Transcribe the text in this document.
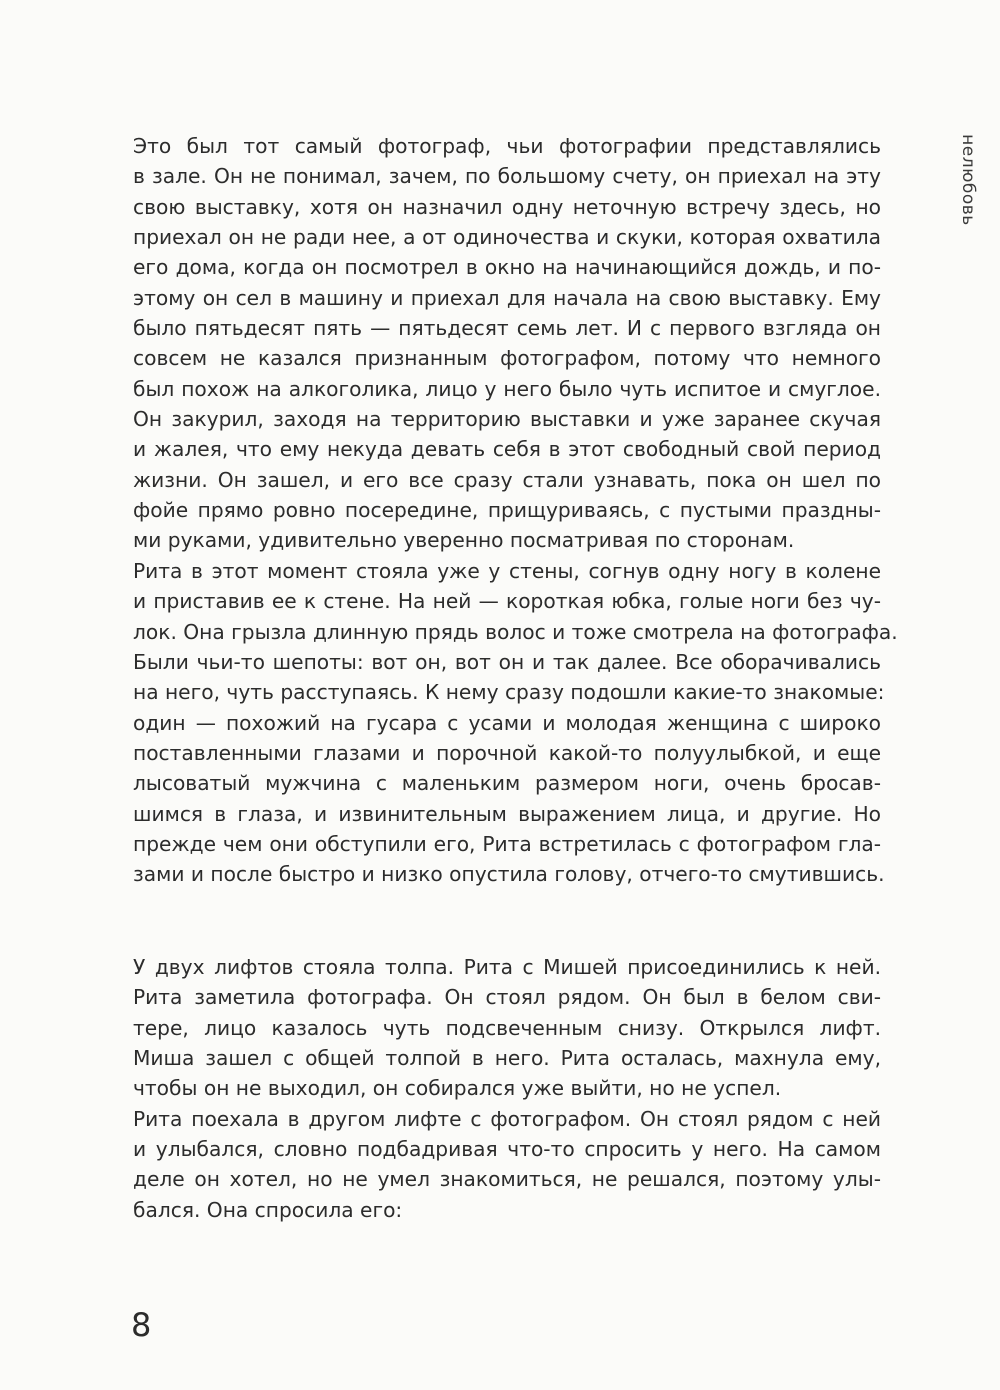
нелюбовь
Это был тот самый фотограф, чьи фотографии представлялись
в зале. Он не понимал, зачем, по большому счету, он приехал на эту
свою выставку, хотя он назначил одну неточную встречу здесь, но
приехал он не ради нее, а от одиночества и скуки, которая охватила
его дома, когда он посмотрел в окно на начинающийся дождь, и по-
этому он сел в машину и приехал для начала на свою выставку. Ему
было пятьдесят пять — пятьдесят семь лет. И с первого взгляда он
совсем не казался признанным фотографом, потому что немного
был похож на алкоголика, лицо у него было чуть испитое и смуглое.
Он закурил, заходя на территорию выставки и уже заранее скучая
и жалея, что ему некуда девать себя в этот свободный свой период
жизни. Он зашел, и его все сразу стали узнавать, пока он шел по
фойе прямо ровно посередине, прищуриваясь, с пустыми праздны-
ми руками, удивительно уверенно посматривая по сторонам.
Рита в этот момент стояла уже у стены, согнув одну ногу в колене
и приставив ее к стене. На ней — короткая юбка, голые ноги без чу-
лок. Она грызла длинную прядь волос и тоже смотрела на фотографа.
Были чьи-то шепоты: вот он, вот он и так далее. Все оборачивались
на него, чуть расступаясь. К нему сразу подошли какие-то знакомые:
один — похожий на гусара с усами и молодая женщина с широко
поставленными глазами и порочной какой-то полуулыбкой, и еще
лысоватый мужчина с маленьким размером ноги, очень бросав-
шимся в глаза, и извинительным выражением лица, и другие. Но
прежде чем они обступили его, Рита встретилась с фотографом гла-
зами и после быстро и низко опустила голову, отчего-то смутившись.
У двух лифтов стояла толпа. Рита с Мишей присоединились к ней.
Рита заметила фотографа. Он стоял рядом. Он был в белом сви-
тере, лицо казалось чуть подсвеченным снизу. Открылся лифт.
Миша зашел с общей толпой в него. Рита осталась, махнула ему,
чтобы он не выходил, он собирался уже выйти, но не успел.
Рита поехала в другом лифте с фотографом. Он стоял рядом с ней
и улыбался, словно подбадривая что-то спросить у него. На самом
деле он хотел, но не умел знакомиться, не решался, поэтому улы-
бался. Она спросила его:
8
